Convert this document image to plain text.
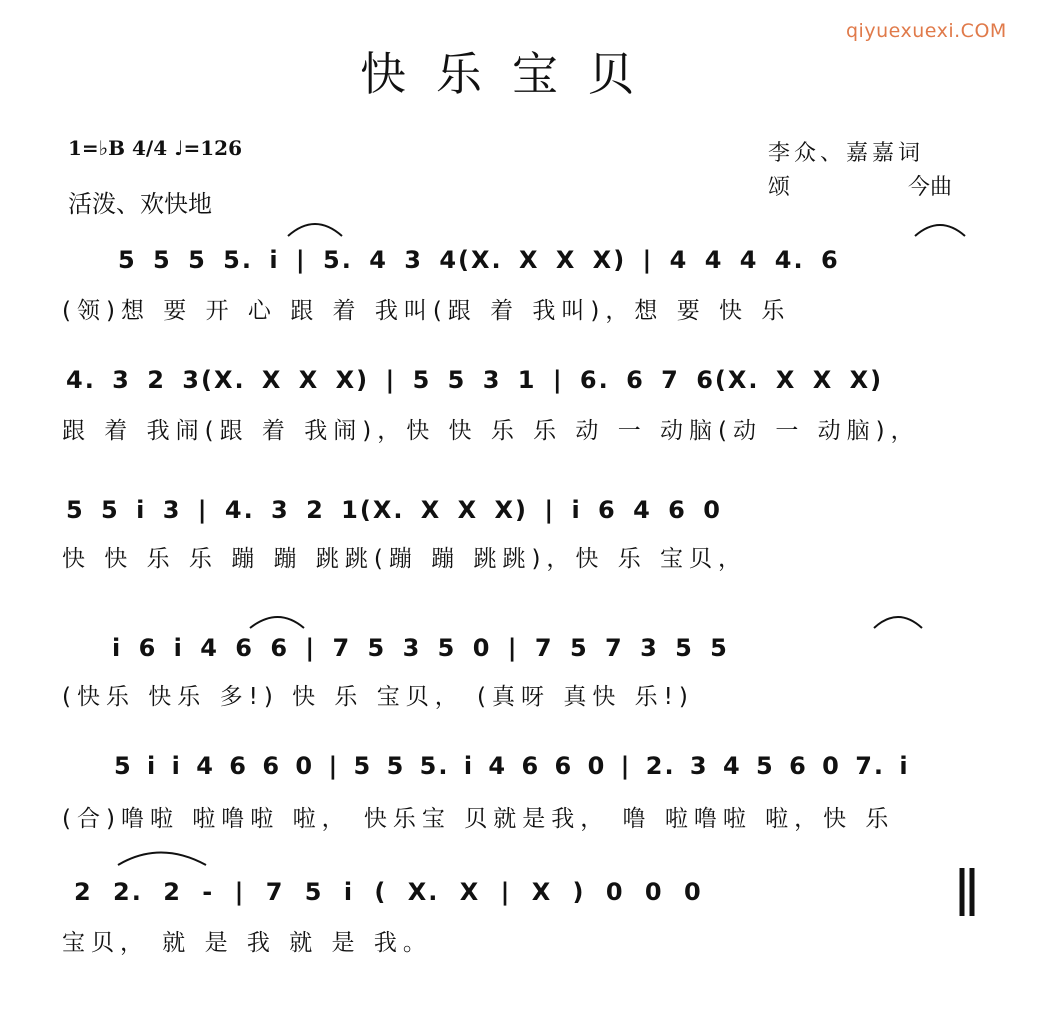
qiyuexuexi.COM
快乐宝贝
1=♭B 4/4 ♩=126
活泼、欢快地
李众、嘉嘉词
颂	今曲
5 5 5 5. i | 5. 4 3 4(X. X X X) | 4 4 4 4. 6
(领)想 要 开 心 跟 着 我叫(跟 着 我叫)，想 要 快 乐
4. 3 2 3(X. X X X) | 5 5 3 1 | 6. 6 7 6(X. X X X)
跟 着 我闹(跟 着 我闹)，快 快 乐 乐 动 一 动脑(动 一 动脑)，
5 5 i 3 | 4. 3 2 1(X. X X X) | i 6 4 6 0
快 快 乐 乐 蹦 蹦 跳跳(蹦 蹦 跳跳)，快 乐 宝贝，
i 6 i 4 6 6 | 7 5 3 5 0 | 7 5 7 3 5 5
(快乐 快乐 多!) 快 乐 宝贝， (真呀 真快 乐!)
5 i i 4 6 6 0 | 5 5 5. i 4 6 6 0 | 2. 3 4 5 6 0 7. i
(合)噜啦 啦噜啦 啦， 快乐宝 贝就是我， 噜 啦噜啦 啦，快 乐
2 2. 2 - | 7 5 i ( X. X | X ) 0 0 0
宝贝， 就 是 我 就 是 我。
